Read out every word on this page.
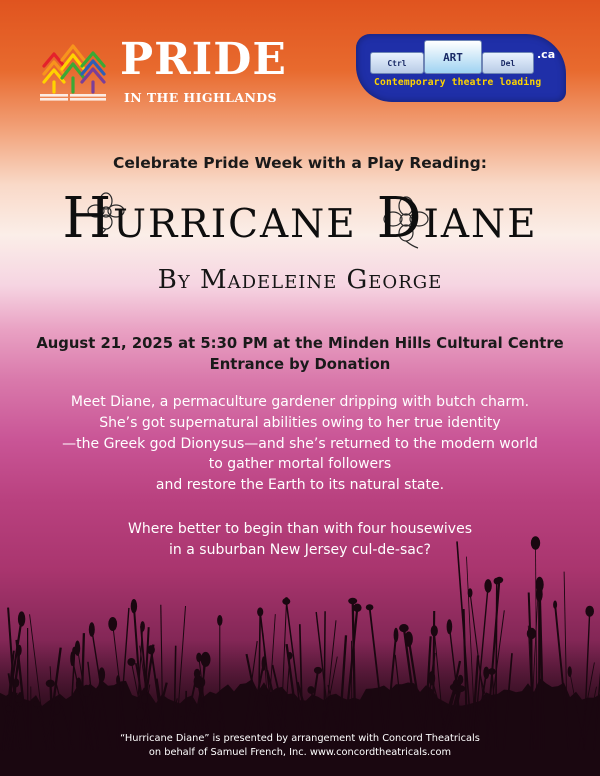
PRIDE
IN THE HIGHLANDS
Ctrl	ART	Del
.ca
Contemporary theatre loading
Celebrate Pride Week with a Play Reading:
Hurricane Diane
By Madeleine George
August 21, 2025 at 5:30 PM at the Minden Hills Cultural Centre
Entrance by Donation
Meet Diane, a permaculture gardener dripping with butch charm.
She’s got supernatural abilities owing to her true identity
—the Greek god Dionysus—and she’s returned to the modern world
to gather mortal followers
and restore the Earth to its natural state.
Where better to begin than with four housewives
in a suburban New Jersey cul-de-sac?
“Hurricane Diane” is presented by arrangement with Concord Theatricals
on behalf of Samuel French, Inc. www.concordtheatricals.com
